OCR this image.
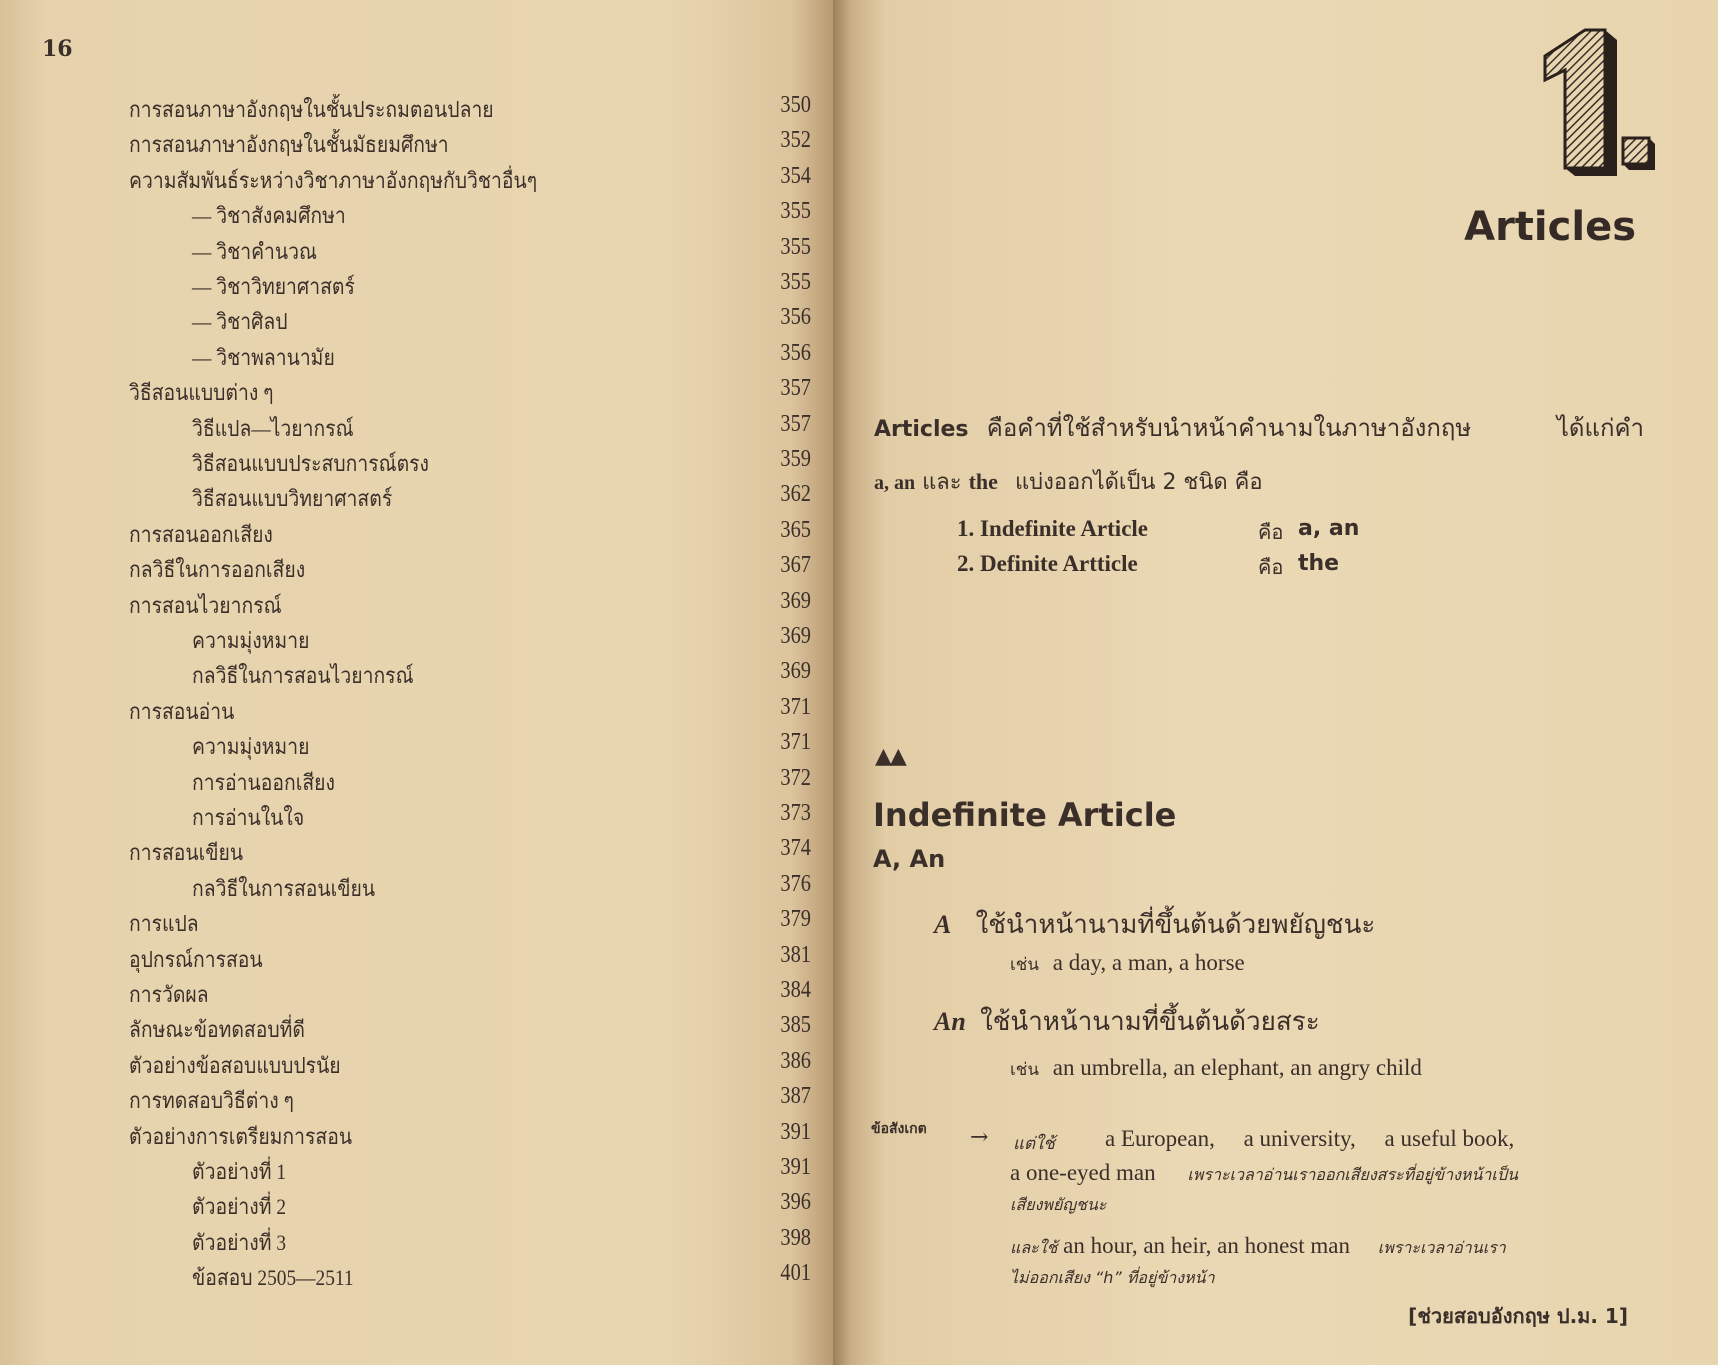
16
การสอนภาษาอังกฤษในชั้นประถมตอนปลาย	350
การสอนภาษาอังกฤษในชั้นมัธยมศึกษา	352
ความสัมพันธ์ระหว่างวิชาภาษาอังกฤษกับวิชาอื่นๆ	354
— วิชาสังคมศึกษา	355
— วิชาคำนวณ	355
— วิชาวิทยาศาสตร์	355
— วิชาศิลป	356
— วิชาพลานามัย	356
วิธีสอนแบบต่าง ๆ	357
วิธีแปล—ไวยากรณ์	357
วิธีสอนแบบประสบการณ์ตรง	359
วิธีสอนแบบวิทยาศาสตร์	362
การสอนออกเสียง	365
กลวิธีในการออกเสียง	367
การสอนไวยากรณ์	369
ความมุ่งหมาย	369
กลวิธีในการสอนไวยากรณ์	369
การสอนอ่าน	371
ความมุ่งหมาย	371
การอ่านออกเสียง	372
การอ่านในใจ	373
การสอนเขียน	374
กลวิธีในการสอนเขียน	376
การแปล	379
อุปกรณ์การสอน	381
การวัดผล	384
ลักษณะข้อทดสอบที่ดี	385
ตัวอย่างข้อสอบแบบปรนัย	386
การทดสอบวิธีต่าง ๆ	387
ตัวอย่างการเตรียมการสอน	391
ตัวอย่างที่ 1	391
ตัวอย่างที่ 2	396
ตัวอย่างที่ 3	398
ข้อสอบ 2505—2511	401
Articles
Articles คือคำที่ใช้สำหรับนำหน้าคำนามในภาษาอังกฤษ	ได้แก่คำ
a, an และ the แบ่งออกได้เป็น 2 ชนิด คือ
1. Indefinite Article	คือ a, an
2. Definite Artticle	คือ the
▲▲
Indefinite Article
A, An
A ใช้นำหน้านามที่ขึ้นต้นด้วยพยัญชนะ
เช่น a day, a man, a horse
An ใช้นำหน้านามที่ขึ้นต้นด้วยสระ
เช่น an umbrella, an elephant, an angry child
ข้อสังเกต → แต่ใช้ a European,     a university,     a useful book,
a one-eyed man เพราะเวลาอ่านเราออกเสียงสระที่อยู่ข้างหน้าเป็น
เสียงพยัญชนะ
และใช้ an hour, an heir, an honest man เพราะเวลาอ่านเรา
ไม่ออกเสียง “h” ที่อยู่ข้างหน้า
[ช่วยสอบอังกฤษ ป.ม. 1]
